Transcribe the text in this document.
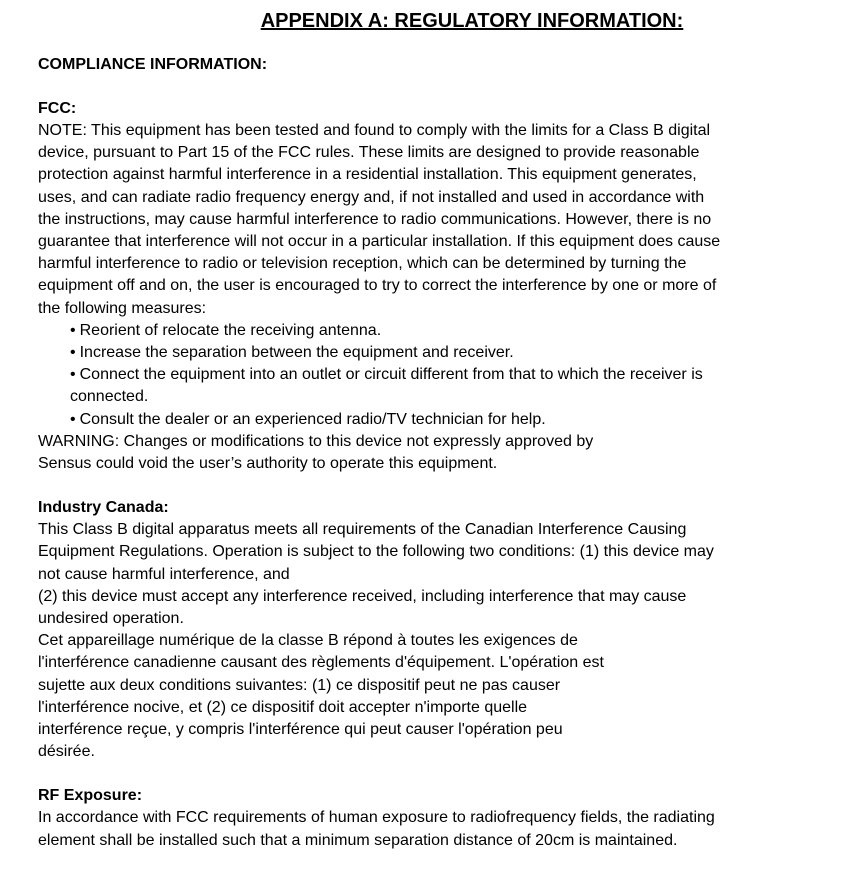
APPENDIX A: REGULATORY INFORMATION:
COMPLIANCE INFORMATION:
FCC:
NOTE: This equipment has been tested and found to comply with the limits for a Class B digital
device, pursuant to Part 15 of the FCC rules. These limits are designed to provide reasonable
protection against harmful interference in a residential installation. This equipment generates,
uses, and can radiate radio frequency energy and, if not installed and used in accordance with
the instructions, may cause harmful interference to radio communications. However, there is no
guarantee that interference will not occur in a particular installation. If this equipment does cause
harmful interference to radio or television reception, which can be determined by turning the
equipment off and on, the user is encouraged to try to correct the interference by one or more of
the following measures:
• Reorient of relocate the receiving antenna.
• Increase the separation between the equipment and receiver.
• Connect the equipment into an outlet or circuit different from that to which the receiver is
connected.
• Consult the dealer or an experienced radio/TV technician for help.
WARNING: Changes or modifications to this device not expressly approved by
Sensus could void the user’s authority to operate this equipment.
Industry Canada:
This Class B digital apparatus meets all requirements of the Canadian Interference Causing
Equipment Regulations. Operation is subject to the following two conditions: (1) this device may
not cause harmful interference, and
(2) this device must accept any interference received, including interference that may cause
undesired operation.
Cet appareillage numérique de la classe B répond à toutes les exigences de
l'interférence canadienne causant des règlements d'équipement. L'opération est
sujette aux deux conditions suivantes: (1) ce dispositif peut ne pas causer
l'interférence nocive, et (2) ce dispositif doit accepter n'importe quelle
interférence reçue, y compris l'interférence qui peut causer l'opération peu
désirée.
RF Exposure:
In accordance with FCC requirements of human exposure to radiofrequency fields, the radiating
element shall be installed such that a minimum separation distance of 20cm is maintained.
